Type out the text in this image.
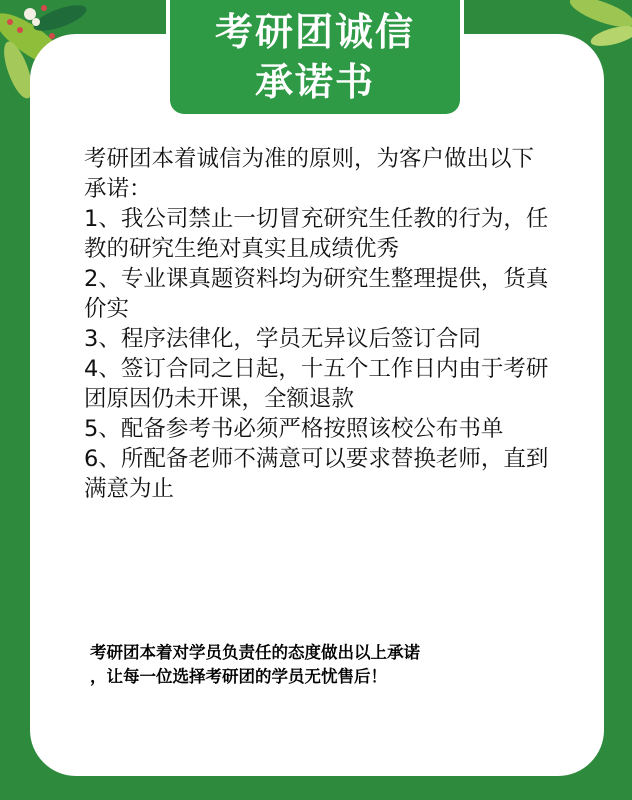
考研团本着诚信为准的原则，为客户做出以下承诺：

1、我公司禁止一切冒充研究生任教的行为，任教的研究生绝对真实且成绩优秀

2、专业课真题资料均为研究生整理提供，货真价实

3、程序法律化，学员无异议后签订合同

4、签订合同之日起，十五个工作日内由于考研团原因仍未开课，全额退款

5、配备参考书必须严格按照该校公布书单

6、所配备老师不满意可以要求替换老师，直到满意为止

考研团本着对学员负责任的态度做出以上承诺

，让每一位选择考研团的学员无忧售后！

考研团诚信
承诺书
